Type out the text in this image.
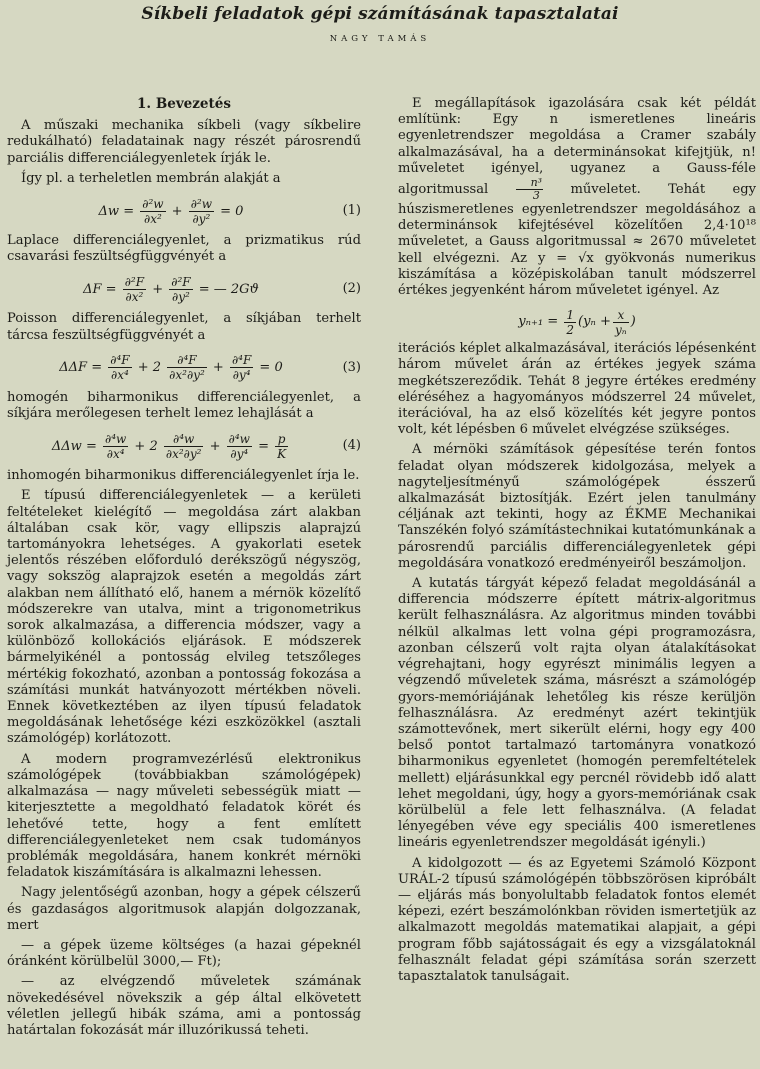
Síkbeli feladatok gépi számításának tapasztalatai
NAGY TAMÁS
1. Bevezetés

A műszaki mechanika síkbeli (vagy síkbelire redukálható) feladatainak nagy részét párosrendű parciális differenciálegyenletek írják le.

Így pl. a terheletlen membrán alakját a

$\Delta w = \frac{\text{∂²w}}{\text{∂x²}} + \frac{\text{∂²w}}{\text{∂y²}} = 0$	(1)

Laplace differenciálegyenlet, a prizmatikus rúd csavarási feszültségfüggvényét a

$\Delta F = \frac{\text{∂²F}}{\text{∂x²}} + \frac{\text{∂²F}}{\text{∂y²}}$ = — 2Gϑ	(2)

Poisson differenciálegyenlet, a síkjában terhelt tárcsa feszültségfüggvényét a

$\Delta\Delta F = \frac{\text{∂⁴F}}{\text{∂x⁴}} + 2 \frac{\text{∂⁴F}}{\text{∂x²∂y²}} + \frac{\text{∂⁴F}}{\text{∂y⁴}} = 0$	(3)

homogén biharmonikus differenciálegyenlet, a síkjára merőlegesen terhelt lemez lehajlását a

$\Delta\Delta w = \frac{\text{∂⁴w}}{\text{∂x⁴}} + 2 \frac{\text{∂⁴w}}{\text{∂x²∂y²}} + \frac{\text{∂⁴w}}{\text{∂y⁴}} = \frac{p}{K}$	(4)

inhomogén biharmonikus differenciálegyenlet írja le.

E típusú differenciálegyenletek — a kerületi feltételeket kielégítő — megoldása zárt alakban általában csak kör, vagy ellipszis alaprajzú tartományokra lehetséges. A gyakorlati esetek jelentős részében előforduló derékszögű négyszög, vagy sokszög alaprajzok esetén a megoldás zárt alakban nem állítható elő, hanem a mérnök közelítő módszerekre van utalva, mint a trigonometrikus sorok alkalmazása, a differencia módszer, vagy a különböző kollokációs eljárások. E módszerek bármelyikénél a pontosság elvileg tetszőleges mértékig fokozható, azonban a pontosság fokozása a számítási munkát hatványozott mértékben növeli. Ennek következtében az ilyen típusú feladatok megoldásának lehetősége kézi eszközökkel (asztali számológép) korlátozott.

A modern programvezérlésű elektronikus számológépek (továbbiakban számológépek) alkalmazása — nagy műveleti sebességük miatt — kiterjesztette a megoldható feladatok körét és lehetővé tette, hogy a fent említett differenciálegyenleteket nem csak tudományos problémák megoldására, hanem konkrét mérnöki feladatok kiszámítására is alkalmazni lehessen.

Nagy jelentőségű azonban, hogy a gépek célszerű és gazdaságos algoritmusok alapján dolgozzanak, mert

— a gépek üzeme költséges (a hazai gépeknél óránként körülbelül 3000,— Ft);

— az elvégzendő műveletek számának növekedésével növekszik a gép által elkövetett véletlen jellegű hibák száma, ami a pontosság határtalan fokozását már illuzórikussá teheti.

E megállapítások igazolására csak két példát említünk: Egy n ismeretlenes lineáris egyenletrendszer megoldása a Cramer szabály alkalmazásával, ha a determinánsokat kifejtjük, n! műveletet igényel, ugyanez a Gauss-féle algoritmussal $\frac{\text{n³}}{3}$ műveletet. Tehát egy húszismeretlenes egyenletrendszer megoldásához a determinánsok kifejtésével közelítően 2,4·10¹⁸ műveletet, a Gauss algoritmussal ≈ 2670 műveletet kell elvégezni. Az y = √x gyökvonás numerikus kiszámítása a középiskolában tanult módszerrel értékes jegyenként három műveletet igényel. Az

yₙ₊₁ =
$\frac{1}{2} (y_n + \frac{x}{\text{yₙ}}$ )

iterációs képlet alkalmazásával, iterációs lépésenként három művelet árán az értékes jegyek száma megkétszereződik. Tehát 8 jegyre értékes eredmény eléréséhez a hagyományos módszerrel 24 művelet, iterációval, ha az első közelítés két jegyre pontos volt, két lépésben 6 művelet elvégzése szükséges.

A mérnöki számítások gépesítése terén fontos feladat olyan módszerek kidolgozása, melyek a nagyteljesítményű számológépek ésszerű alkalmazását biztosítják. Ezért jelen tanulmány céljának azt tekinti, hogy az ÉKME Mechanikai Tanszékén folyó számítástechnikai kutatómunkának a párosrendű parciális differenciálegyenletek gépi megoldására vonatkozó eredményeiről beszámoljon.

A kutatás tárgyát képező feladat megoldásánál a differencia módszerre épített mátrix-algoritmus került felhasználásra. Az algoritmus minden további nélkül alkalmas lett volna gépi programozásra, azonban célszerű volt rajta olyan átalakításokat végrehajtani, hogy egyrészt minimális legyen a végzendő műveletek száma, másrészt a számológép gyors-memóriájának lehetőleg kis része kerüljön felhasználásra. Az eredményt azért tekintjük számottevőnek, mert sikerült elérni, hogy egy 400 belső pontot tartalmazó tartományra vonatkozó biharmonikus egyenletet (homogén peremfeltételek mellett) eljárásunkkal egy percnél rövidebb idő alatt lehet megoldani, úgy, hogy a gyors-memóriának csak körülbelül a fele lett felhasználva. (A feladat lényegében véve egy speciális 400 ismeretlenes lineáris egyenletrendszer megoldását igényli.)

A kidolgozott — és az Egyetemi Számoló Központ URÁL-2 típusú számológépén többszörösen kipróbált — eljárás más bonyolultabb feladatok fontos elemét képezi, ezért beszámolónkban röviden ismertetjük az alkalmazott megoldás matematikai alapjait, a gépi program főbb sajátosságait és egy a vizsgálatoknál felhasznált feladat gépi számítása során szerzett tapasztalatok tanulságait.
